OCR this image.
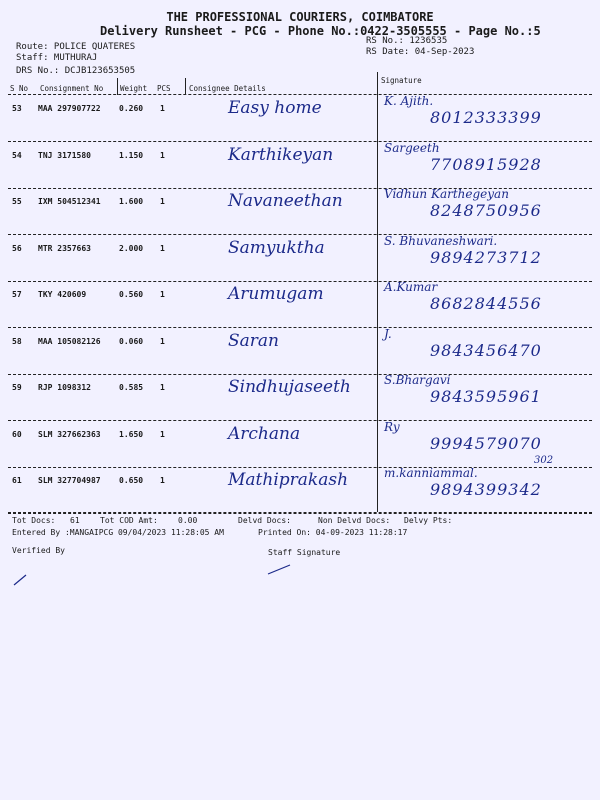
THE PROFESSIONAL COURIERS, COIMBATORE
Delivery Runsheet - PCG - Phone No.:0422-3505555 - Page No.:5
Route: POLICE QUATERES
Staff: MUTHURAJ
DRS No.: DCJB123653505
RS No.: 1236535
RS Date: 04-Sep-2023
S No Consignment No Weight PCS Consignee Details
Signature
53 MAA 297907722 0.260 1	Easy home	K. Ajith.
8012333399
54 TNJ 3171580	1.150 1	Karthikeyan	Sargeeth
7708915928
55 IXM 504512341 1.600 1	Navaneethan	Vidhun Karthegeyan
8248750956
56 MTR 2357663	2.000 1	Samyuktha	S. Bhuvaneshwari.
9894273712
57 TKY 420609	0.560 1	Arumugam	A.Kumar
8682844556
58 MAA 105082126 0.060 1	Saran	J.
9843456470
59 RJP 1098312	0.585 1	Sindhujaseeth	S.Bhargavi
9843595961
60 SLM 327662363 1.650 1	Archana	Ry
9994579070
302
61 SLM 327704987 0.650 1	Mathiprakash	m.kanniammal.
9894399342
Tot Docs: 61	Tot COD Amt:	0.00	Delvd Docs:	Non Delvd Docs: Delvy Pts:
Entered By :MANGAIPCG 09/04/2023 11:28:05 AM	Printed On: 04-09-2023 11:28:17
Verified By	Staff Signature
